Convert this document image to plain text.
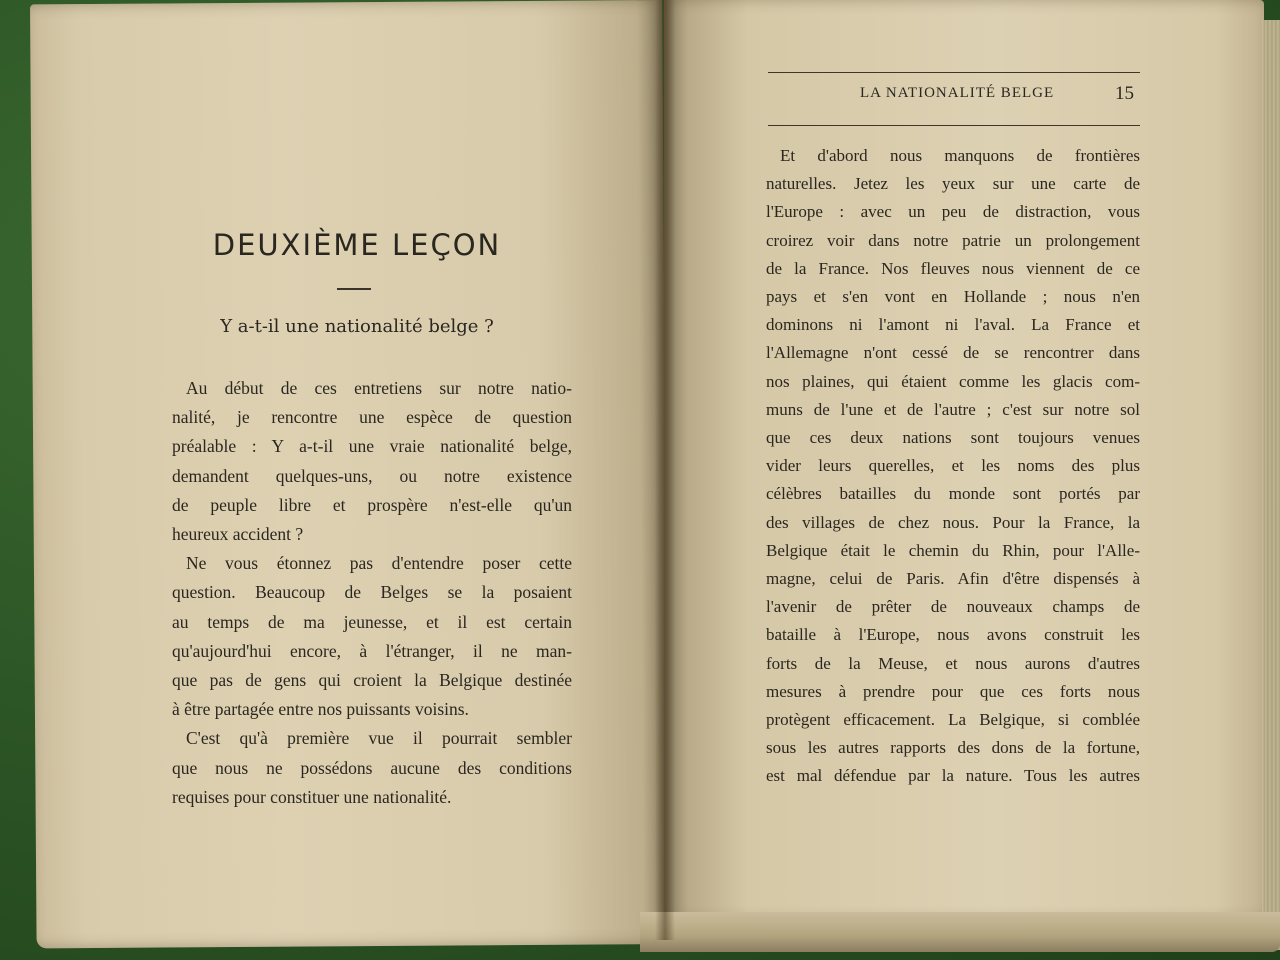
DEUXIÈME LEÇON
Y a-t-il une nationalité belge ?
Au début de ces entretiens sur notre natio-
nalité, je rencontre une espèce de question
préalable : Y a-t-il une vraie nationalité belge,
demandent quelques-uns, ou notre existence
de peuple libre et prospère n'est-elle qu'un
heureux accident ?
Ne vous étonnez pas d'entendre poser cette
question. Beaucoup de Belges se la posaient
au temps de ma jeunesse, et il est certain
qu'aujourd'hui encore, à l'étranger, il ne man-
que pas de gens qui croient la Belgique destinée
à être partagée entre nos puissants voisins.
C'est qu'à première vue il pourrait sembler
que nous ne possédons aucune des conditions
requises pour constituer une nationalité.
LA NATIONALITÉ BELGE	15
Et d'abord nous manquons de frontières
naturelles. Jetez les yeux sur une carte de
l'Europe : avec un peu de distraction, vous
croirez voir dans notre patrie un prolongement
de la France. Nos fleuves nous viennent de ce
pays et s'en vont en Hollande ; nous n'en
dominons ni l'amont ni l'aval. La France et
l'Allemagne n'ont cessé de se rencontrer dans
nos plaines, qui étaient comme les glacis com-
muns de l'une et de l'autre ; c'est sur notre sol
que ces deux nations sont toujours venues
vider leurs querelles, et les noms des plus
célèbres batailles du monde sont portés par
des villages de chez nous. Pour la France, la
Belgique était le chemin du Rhin, pour l'Alle-
magne, celui de Paris. Afin d'être dispensés à
l'avenir de prêter de nouveaux champs de
bataille à l'Europe, nous avons construit les
forts de la Meuse, et nous aurons d'autres
mesures à prendre pour que ces forts nous
protègent efficacement. La Belgique, si comblée
sous les autres rapports des dons de la fortune,
est mal défendue par la nature. Tous les autres
